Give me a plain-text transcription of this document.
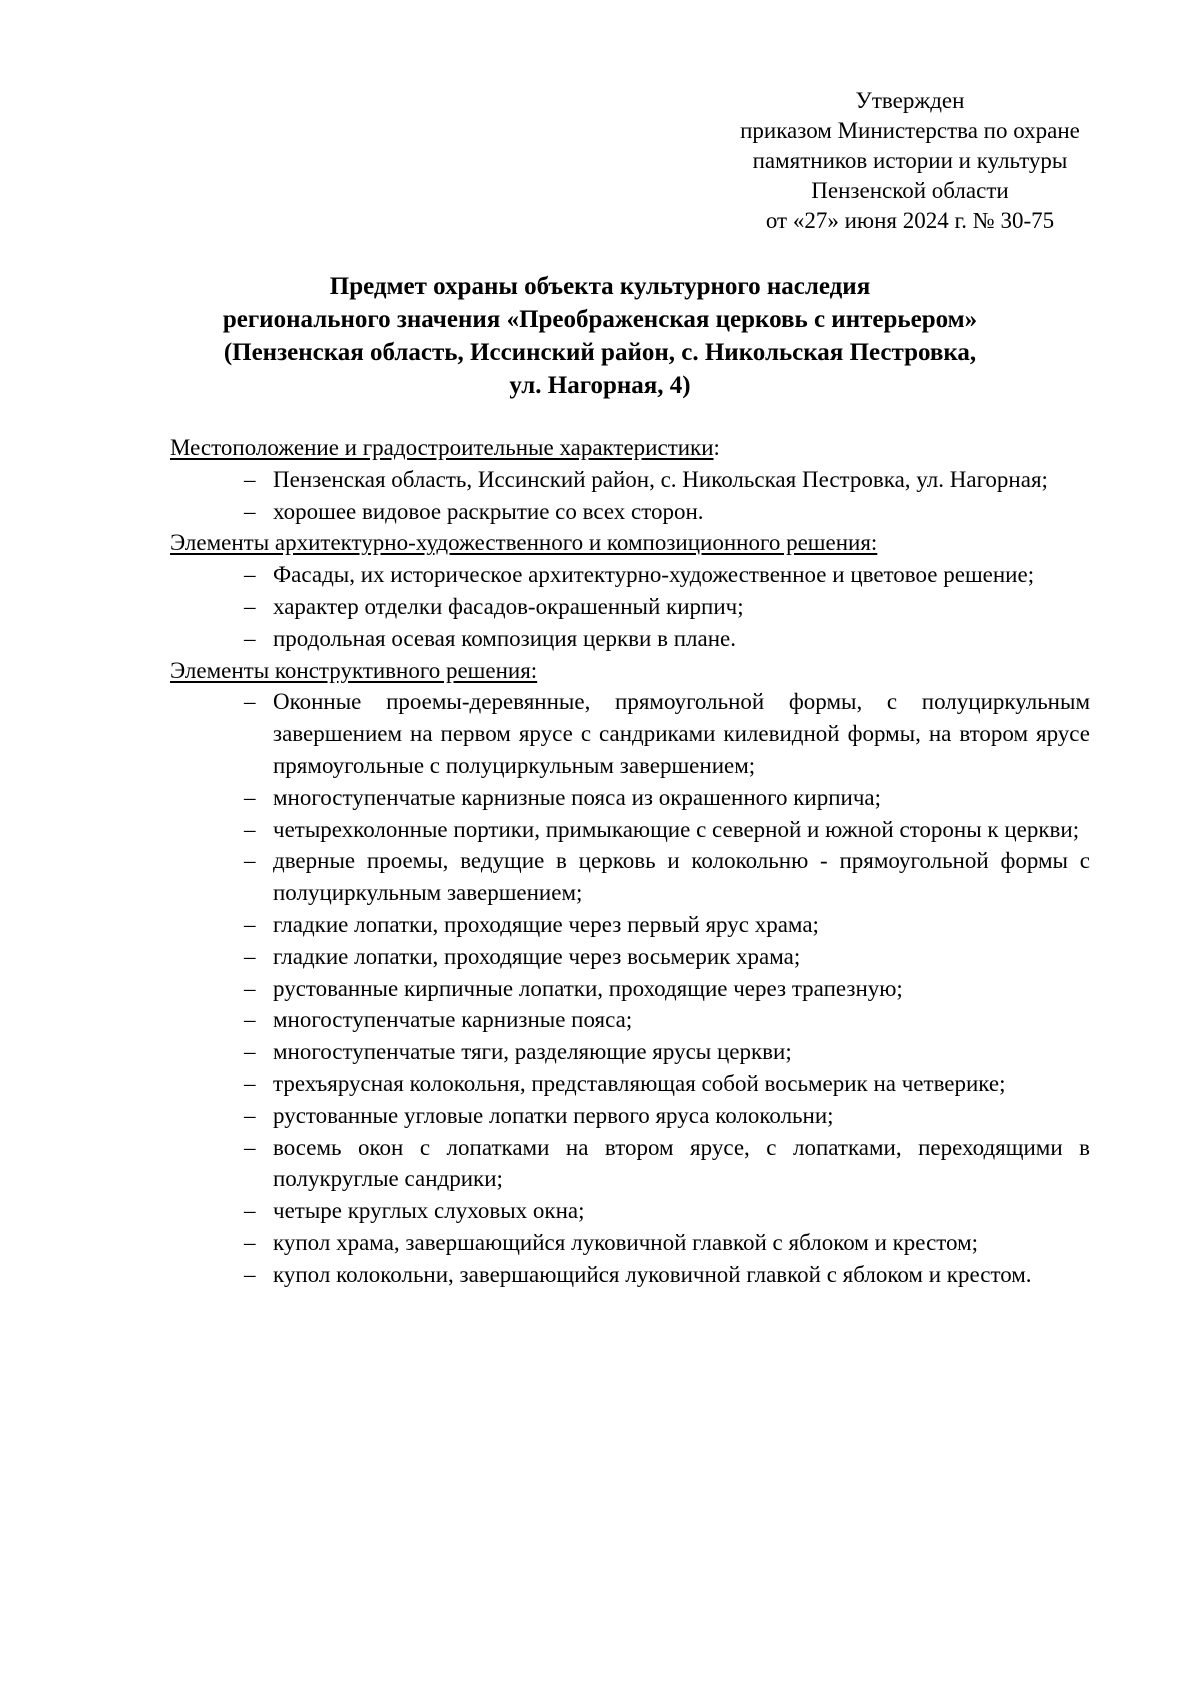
Утвержден
приказом Министерства по охране
памятников истории и культуры
Пензенской области
от «27» июня 2024 г. № 30-75
Предмет охраны объекта культурного наследия
регионального значения «Преображенская церковь с интерьером»
(Пензенская область, Иссинский район, с. Никольская Пестровка,
ул. Нагорная, 4)
Местоположение и градостроительные характеристики:
– Пензенская область, Иссинский район, с. Никольская Пестровка, ул. Нагорная;
– хорошее видовое раскрытие со всех сторон.
Элементы архитектурно-художественного и композиционного решения:
– Фасады, их историческое архитектурно-художественное и цветовое решение;
– характер отделки фасадов-окрашенный кирпич;
– продольная осевая композиция церкви в плане.
Элементы конструктивного решения:
– Оконные проемы-деревянные, прямоугольной формы, с полуциркульным завершением на первом ярусе с сандриками килевидной формы, на втором ярусе прямоугольные с полуциркульным завершением;
– многоступенчатые карнизные пояса из окрашенного кирпича;
– четырехколонные портики, примыкающие с северной и южной стороны к церкви;
– дверные проемы, ведущие в церковь и колокольню - прямоугольной формы с полуциркульным завершением;
– гладкие лопатки, проходящие через первый ярус храма;
– гладкие лопатки, проходящие через восьмерик храма;
– рустованные кирпичные лопатки, проходящие через трапезную;
– многоступенчатые карнизные пояса;
– многоступенчатые тяги, разделяющие ярусы церкви;
– трехъярусная колокольня, представляющая собой восьмерик на четверике;
– рустованные угловые лопатки первого яруса колокольни;
– восемь окон с лопатками на втором ярусе, с лопатками, переходящими в полукруглые сандрики;
– четыре круглых слуховых окна;
– купол храма, завершающийся луковичной главкой с яблоком и крестом;
– купол колокольни, завершающийся луковичной главкой с яблоком и крестом.
